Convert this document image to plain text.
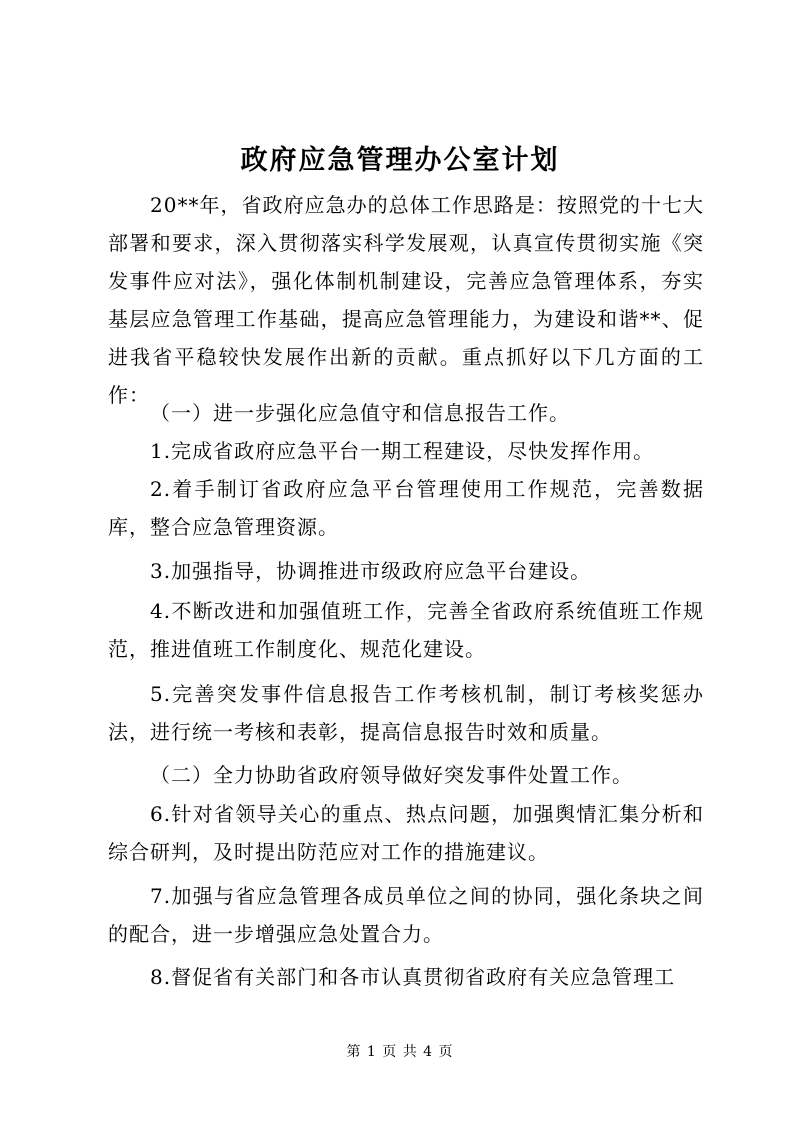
政府应急管理办公室计划

20**年，省政府应急办的总体工作思路是：按照党的十七大部署和要求，深入贯彻落实科学发展观，认真宣传贯彻实施《突发事件应对法》，强化体制机制建设，完善应急管理体系，夯实基层应急管理工作基础，提高应急管理能力，为建设和谐**、促进我省平稳较快发展作出新的贡献。重点抓好以下几方面的工作：

（一）进一步强化应急值守和信息报告工作。

1.完成省政府应急平台一期工程建设，尽快发挥作用。

2.着手制订省政府应急平台管理使用工作规范，完善数据库，整合应急管理资源。

3.加强指导，协调推进市级政府应急平台建设。

4.不断改进和加强值班工作，完善全省政府系统值班工作规范，推进值班工作制度化、规范化建设。

5.完善突发事件信息报告工作考核机制，制订考核奖惩办法，进行统一考核和表彰，提高信息报告时效和质量。

（二）全力协助省政府领导做好突发事件处置工作。

6.针对省领导关心的重点、热点问题，加强舆情汇集分析和综合研判，及时提出防范应对工作的措施建议。

7.加强与省应急管理各成员单位之间的协同，强化条块之间的配合，进一步增强应急处置合力。

8.督促省有关部门和各市认真贯彻省政府有关应急管理工

第 1 页 共 4 页
